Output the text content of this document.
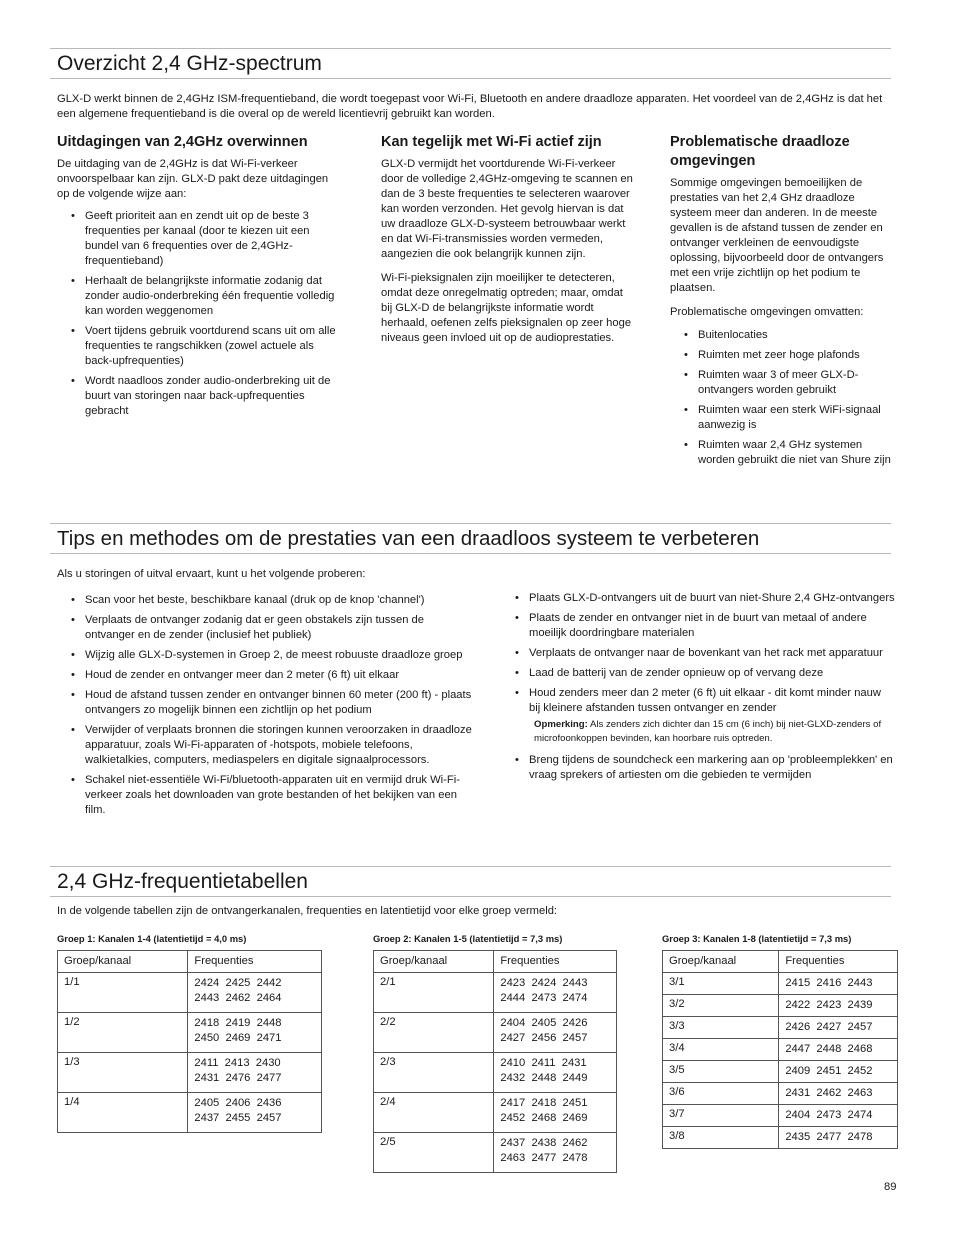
Overzicht 2,4 GHz-spectrum

GLX-D werkt binnen de 2,4GHz ISM-frequentieband, die wordt toegepast voor Wi-Fi, Bluetooth en andere draadloze apparaten. Het voordeel van de 2,4GHz is dat het een algemene frequentieband is die overal op de wereld licentievrij gebruikt kan worden.

Uitdagingen van 2,4GHz overwinnen

De uitdaging van de 2,4GHz is dat Wi-Fi-verkeer onvoorspelbaar kan zijn. GLX-D pakt deze uitdagingen op de volgende wijze aan:

• Geeft prioriteit aan en zendt uit op de beste 3 frequenties per kanaal (door te kiezen uit een bundel van 6 frequenties over de 2,4GHz-frequentieband)
• Herhaalt de belangrijkste informatie zodanig dat zonder audio-onderbreking één frequentie volledig kan worden weggenomen
• Voert tijdens gebruik voortdurend scans uit om alle frequenties te rangschikken (zowel actuele als back-upfrequenties)
• Wordt naadloos zonder audio-onderbreking uit de buurt van storingen naar back-upfrequenties gebracht
Kan tegelijk met Wi-Fi actief zijn

GLX-D vermijdt het voortdurende Wi-Fi-verkeer door de volledige 2,4GHz-omgeving te scannen en dan de 3 beste frequenties te selecteren waarover kan worden verzonden. Het gevolg hiervan is dat uw draadloze GLX-D-systeem betrouwbaar werkt en dat Wi-Fi-transmissies worden vermeden, aangezien die ook belangrijk kunnen zijn.

Wi-Fi-pieksignalen zijn moeilijker te detecteren, omdat deze onregelmatig optreden; maar, omdat bij GLX-D de belangrijkste informatie wordt herhaald, oefenen zelfs pieksignalen op zeer hoge niveaus geen invloed uit op de audioprestaties.

Problematische draadloze omgevingen

Sommige omgevingen bemoeilijken de prestaties van het 2,4 GHz draadloze systeem meer dan anderen. In de meeste gevallen is de afstand tussen de zender en ontvanger verkleinen de eenvoudigste oplossing, bijvoorbeeld door de ontvangers met een vrije zichtlijn op het podium te plaatsen.

Problematische omgevingen omvatten:

• Buitenlocaties
• Ruimten met zeer hoge plafonds
• Ruimten waar 3 of meer GLX-D-ontvangers worden gebruikt
• Ruimten waar een sterk WiFi-signaal aanwezig is
• Ruimten waar 2,4 GHz systemen worden gebruikt die niet van Shure zijn
Tips en methodes om de prestaties van een draadloos systeem te verbeteren

Als u storingen of uitval ervaart, kunt u het volgende proberen:

• Scan voor het beste, beschikbare kanaal (druk op de knop 'channel')
• Verplaats de ontvanger zodanig dat er geen obstakels zijn tussen de ontvanger en de zender (inclusief het publiek)
• Wijzig alle GLX-D-systemen in Groep 2, de meest robuuste draadloze groep
• Houd de zender en ontvanger meer dan 2 meter (6 ft) uit elkaar
• Houd de afstand tussen zender en ontvanger binnen 60 meter (200 ft) - plaats ontvangers zo mogelijk binnen een zichtlijn op het podium
• Verwijder of verplaats bronnen die storingen kunnen veroorzaken in draadloze apparatuur, zoals Wi-Fi-apparaten of -hotspots, mobiele telefoons, walkietalkies, computers, mediaspelers en digitale signaalprocessors.
• Schakel niet-essentiële Wi-Fi/bluetooth-apparaten uit en vermijd druk Wi-Fi-verkeer zoals het downloaden van grote bestanden of het bekijken van een film.
• Plaats GLX-D-ontvangers uit de buurt van niet-Shure 2,4 GHz-ontvangers
• Plaats de zender en ontvanger niet in de buurt van metaal of andere moeilijk doordringbare materialen
• Verplaats de ontvanger naar de bovenkant van het rack met apparatuur
• Laad de batterij van de zender opnieuw op of vervang deze
• Houd zenders meer dan 2 meter (6 ft) uit elkaar - dit komt minder nauw bij kleinere afstanden tussen ontvanger en zender

Opmerking: Als zenders zich dichter dan 15 cm (6 inch) bij niet-GLXD-zenders of microfoonkoppen bevinden, kan hoorbare ruis optreden.

• Breng tijdens de soundcheck een markering aan op 'probleemplekken' en vraag sprekers of artiesten om die gebieden te vermijden
2,4 GHz-frequentietabellen

In de volgende tabellen zijn de ontvangerkanalen, frequenties en latentietijd voor elke groep vermeld:

Groep 1: Kanalen 1-4 (latentietijd = 4,0 ms)
Groep/kanaal	Frequenties
1/1	2424  2425  2442
2443  2462  2464

1/2	2418  2419  2448
2450  2469  2471

1/3	2411  2413  2430
2431  2476  2477

1/4	2405  2406  2436
2437  2455  2457
Groep 2: Kanalen 1-5 (latentietijd = 7,3 ms)
Groep/kanaal	Frequenties
2/1	2423  2424  2443
2444  2473  2474

2/2	2404  2405  2426
2427  2456  2457

2/3	2410  2411  2431
2432  2448  2449

2/4	2417  2418  2451
2452  2468  2469

2/5	2437  2438  2462
2463  2477  2478
Groep 3: Kanalen 1-8 (latentietijd = 7,3 ms)
Groep/kanaal	Frequenties
3/1	2415  2416  2443

3/2	2422  2423  2439

3/3	2426  2427  2457

3/4	2447  2448  2468

3/5	2409  2451  2452

3/6	2431  2462  2463

3/7	2404  2473  2474

3/8	2435  2477  2478
89
